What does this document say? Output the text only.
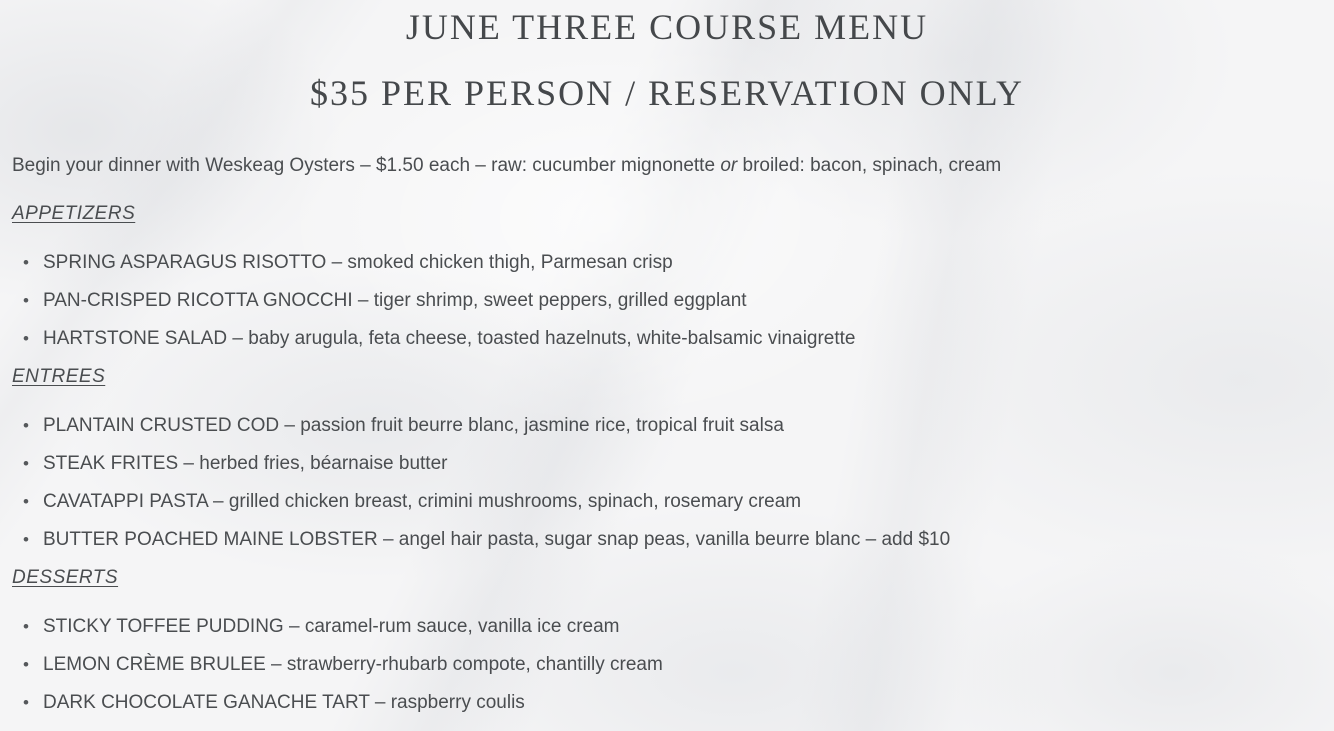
JUNE THREE COURSE MENU
$35 PER PERSON / RESERVATION ONLY

Begin your dinner with Weskeag Oysters – $1.50 each – raw: cucumber mignonette or broiled: bacon, spinach, cream

APPETIZERS
• SPRING ASPARAGUS RISOTTO – smoked chicken thigh, Parmesan crisp
• PAN-CRISPED RICOTTA GNOCCHI – tiger shrimp, sweet peppers, grilled eggplant
• HARTSTONE SALAD – baby arugula, feta cheese, toasted hazelnuts, white-balsamic vinaigrette
ENTREES
• PLANTAIN CRUSTED COD – passion fruit beurre blanc, jasmine rice, tropical fruit salsa
• STEAK FRITES – herbed fries, béarnaise butter
• CAVATAPPI PASTA – grilled chicken breast, crimini mushrooms, spinach, rosemary cream
• BUTTER POACHED MAINE LOBSTER – angel hair pasta, sugar snap peas, vanilla beurre blanc – add $10
DESSERTS
• STICKY TOFFEE PUDDING – caramel-rum sauce, vanilla ice cream
• LEMON CRÈME BRULEE – strawberry-rhubarb compote, chantilly cream
• DARK CHOCOLATE GANACHE TART – raspberry coulis
